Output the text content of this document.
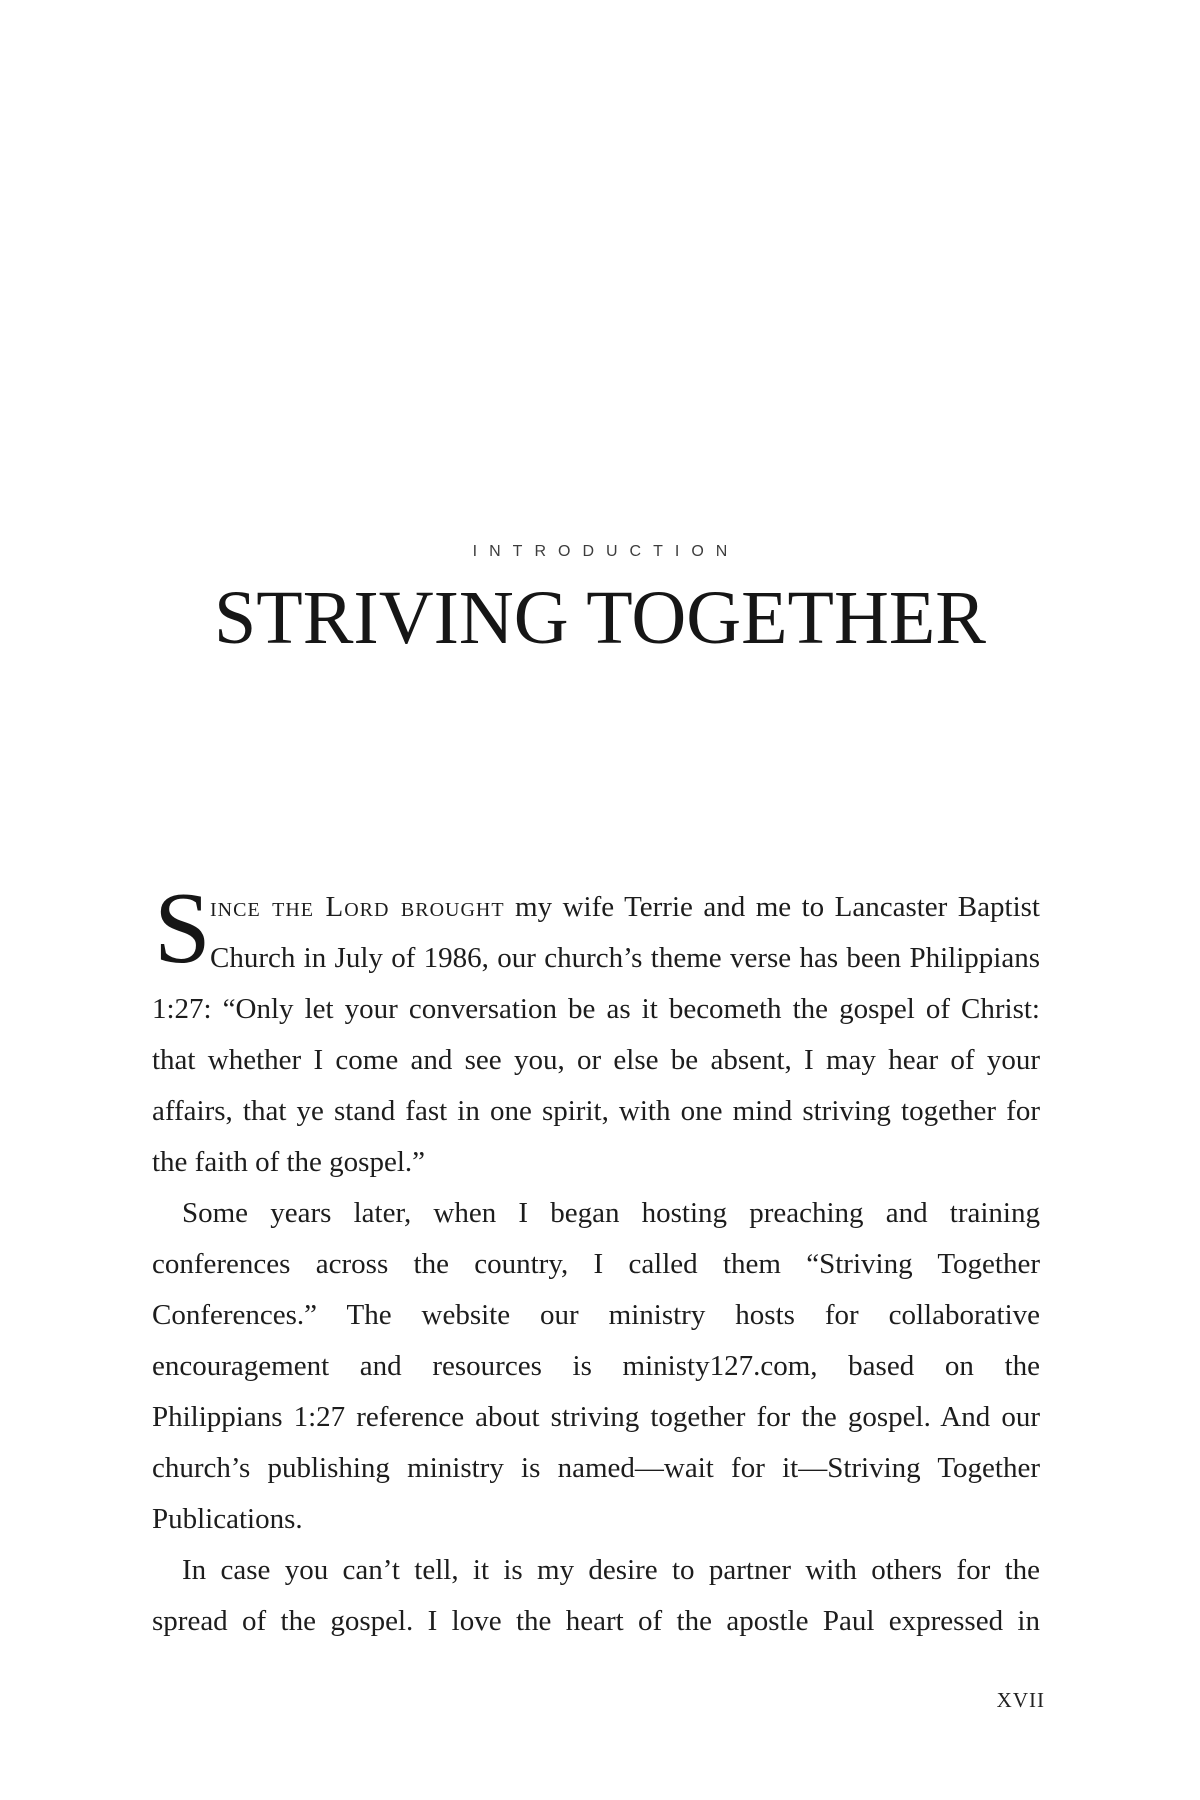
INTRODUCTION
STRIVING TOGETHER
S ince the Lord brought my wife Terrie and me to Lancaster Baptist
Church in July of 1986, our church’s theme verse has been Philippians
1:27: “Only let your conversation be as it becometh the gospel of Christ:
that whether I come and see you, or else be absent, I may hear of your
affairs, that ye stand fast in one spirit, with one mind striving together for
the faith of the gospel.”
Some years later, when I began hosting preaching and training
conferences across the country, I called them “Striving Together
Conferences.” The website our ministry hosts for collaborative
encouragement and resources is ministy127.com, based on the
Philippians 1:27 reference about striving together for the gospel. And our
church’s publishing ministry is named—wait for it—Striving Together
Publications.
In case you can’t tell, it is my desire to partner with others for the
spread of the gospel. I love the heart of the apostle Paul expressed in
XVII
